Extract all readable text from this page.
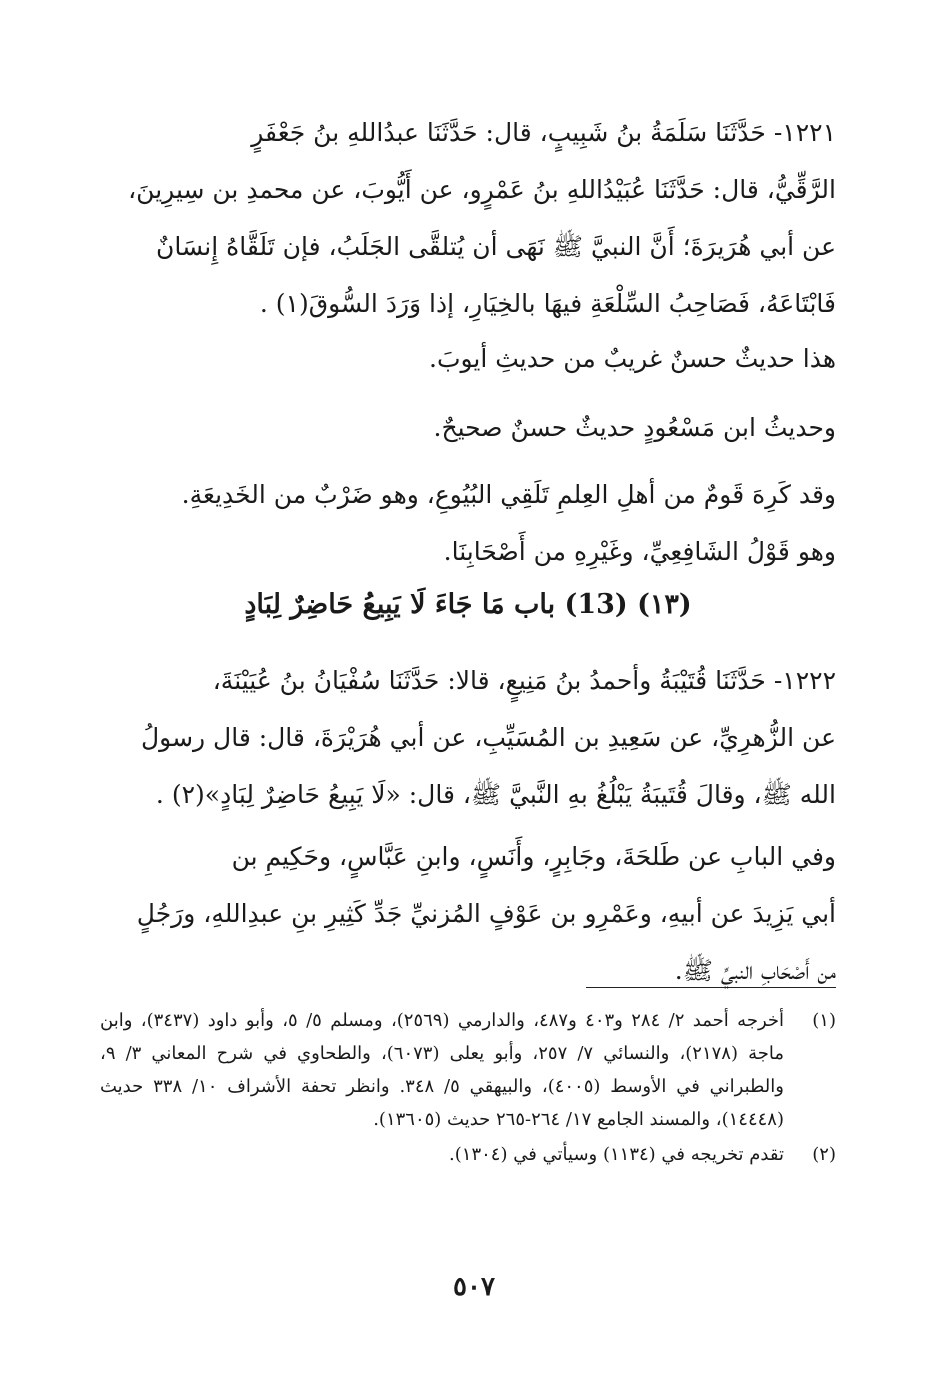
١٢٢١- حَدَّثَنَا سَلَمَةُ بنُ شَبِيبٍ، قال: حَدَّثَنَا عبدُاللهِ بنُ جَعْفَرٍ

الرَّقِّيُّ، قال: حَدَّثَنَا عُبَيْدُاللهِ بنُ عَمْرٍو، عن أَيُّوبَ، عن محمدِ بن سِيرِينَ،

عن أبي هُرَيرَةَ؛ أَنَّ النبيَّ ﷺ نَهَى أن يُتلقَّى الجَلَبُ، فإن تَلَقَّاهُ إِنسَانٌ

فَابْتَاعَهُ، فَصَاحِبُ السِّلْعَةِ فيهَا بالخِيَارِ، إذا وَرَدَ السُّوقَ(١) .

هذا حديثٌ حسنٌ غريبٌ من حديثِ أيوبَ.

وحديثُ ابن مَسْعُودٍ حديثٌ حسنٌ صحيحٌ.

وقد كَرِهَ قَومٌ من أهلِ العِلمِ تَلَقِي البُيُوعِ، وهو ضَرْبٌ من الخَدِيعَةِ.

وهو قَوْلُ الشَافِعِيِّ، وغَيْرِهِ من أَصْحَابِنَا.

(١٣) (13) باب مَا جَاءَ لَا يَبِيعُ حَاضِرٌ لِبَادٍ

١٢٢٢- حَدَّثَنَا قُتَيْبَةُ وأحمدُ بنُ مَنِيعٍ، قالا: حَدَّثَنَا سُفْيَانُ بنُ عُيَيْنَةَ،

عن الزُّهرِيِّ، عن سَعِيدِ بن المُسَيِّبِ، عن أبي هُرَيْرَةَ، قال: قال رسولُ

الله ﷺ، وقالَ قُتَيبَةُ يَبْلُغُ بهِ النَّبيَّ ﷺ، قال: «لَا يَبِيعُ حَاضِرٌ لِبَادٍ»(٢) .

وفي البابِ عن طَلحَةَ، وجَابِرٍ، وأَنَسٍ، وابنِ عَبَّاسٍ، وحَكِيمِ بن

أبي يَزِيدَ عن أبيهِ، وعَمْرِو بن عَوْفٍ المُزنيِّ جَدِّ كَثِيرِ بنِ عبدِاللهِ، ورَجُلٍ

من أَصْحَابِ النبيِّ ﷺ.

(١)
أخرجه أحمد ٢/ ٢٨٤ و٤٠٣ و٤٨٧، والدارمي (٢٥٦٩)، ومسلم ٥/ ٥، وأبو داود (٣٤٣٧)، وابن ماجة (٢١٧٨)، والنسائي ٧/ ٢٥٧، وأبو يعلى (٦٠٧٣)، والطحاوي في شرح المعاني ٣/ ٩، والطبراني في الأوسط (٤٠٠٥)، والبيهقي ٥/ ٣٤٨. وانظر تحفة الأشراف ١٠/ ٣٣٨ حديث (١٤٤٤٨)، والمسند الجامع ١٧/ ٢٦٤-٢٦٥ حديث (١٣٦٠٥).

(٢)
تقدم تخريجه في (١١٣٤) وسيأتي في (١٣٠٤).

٥٠٧
